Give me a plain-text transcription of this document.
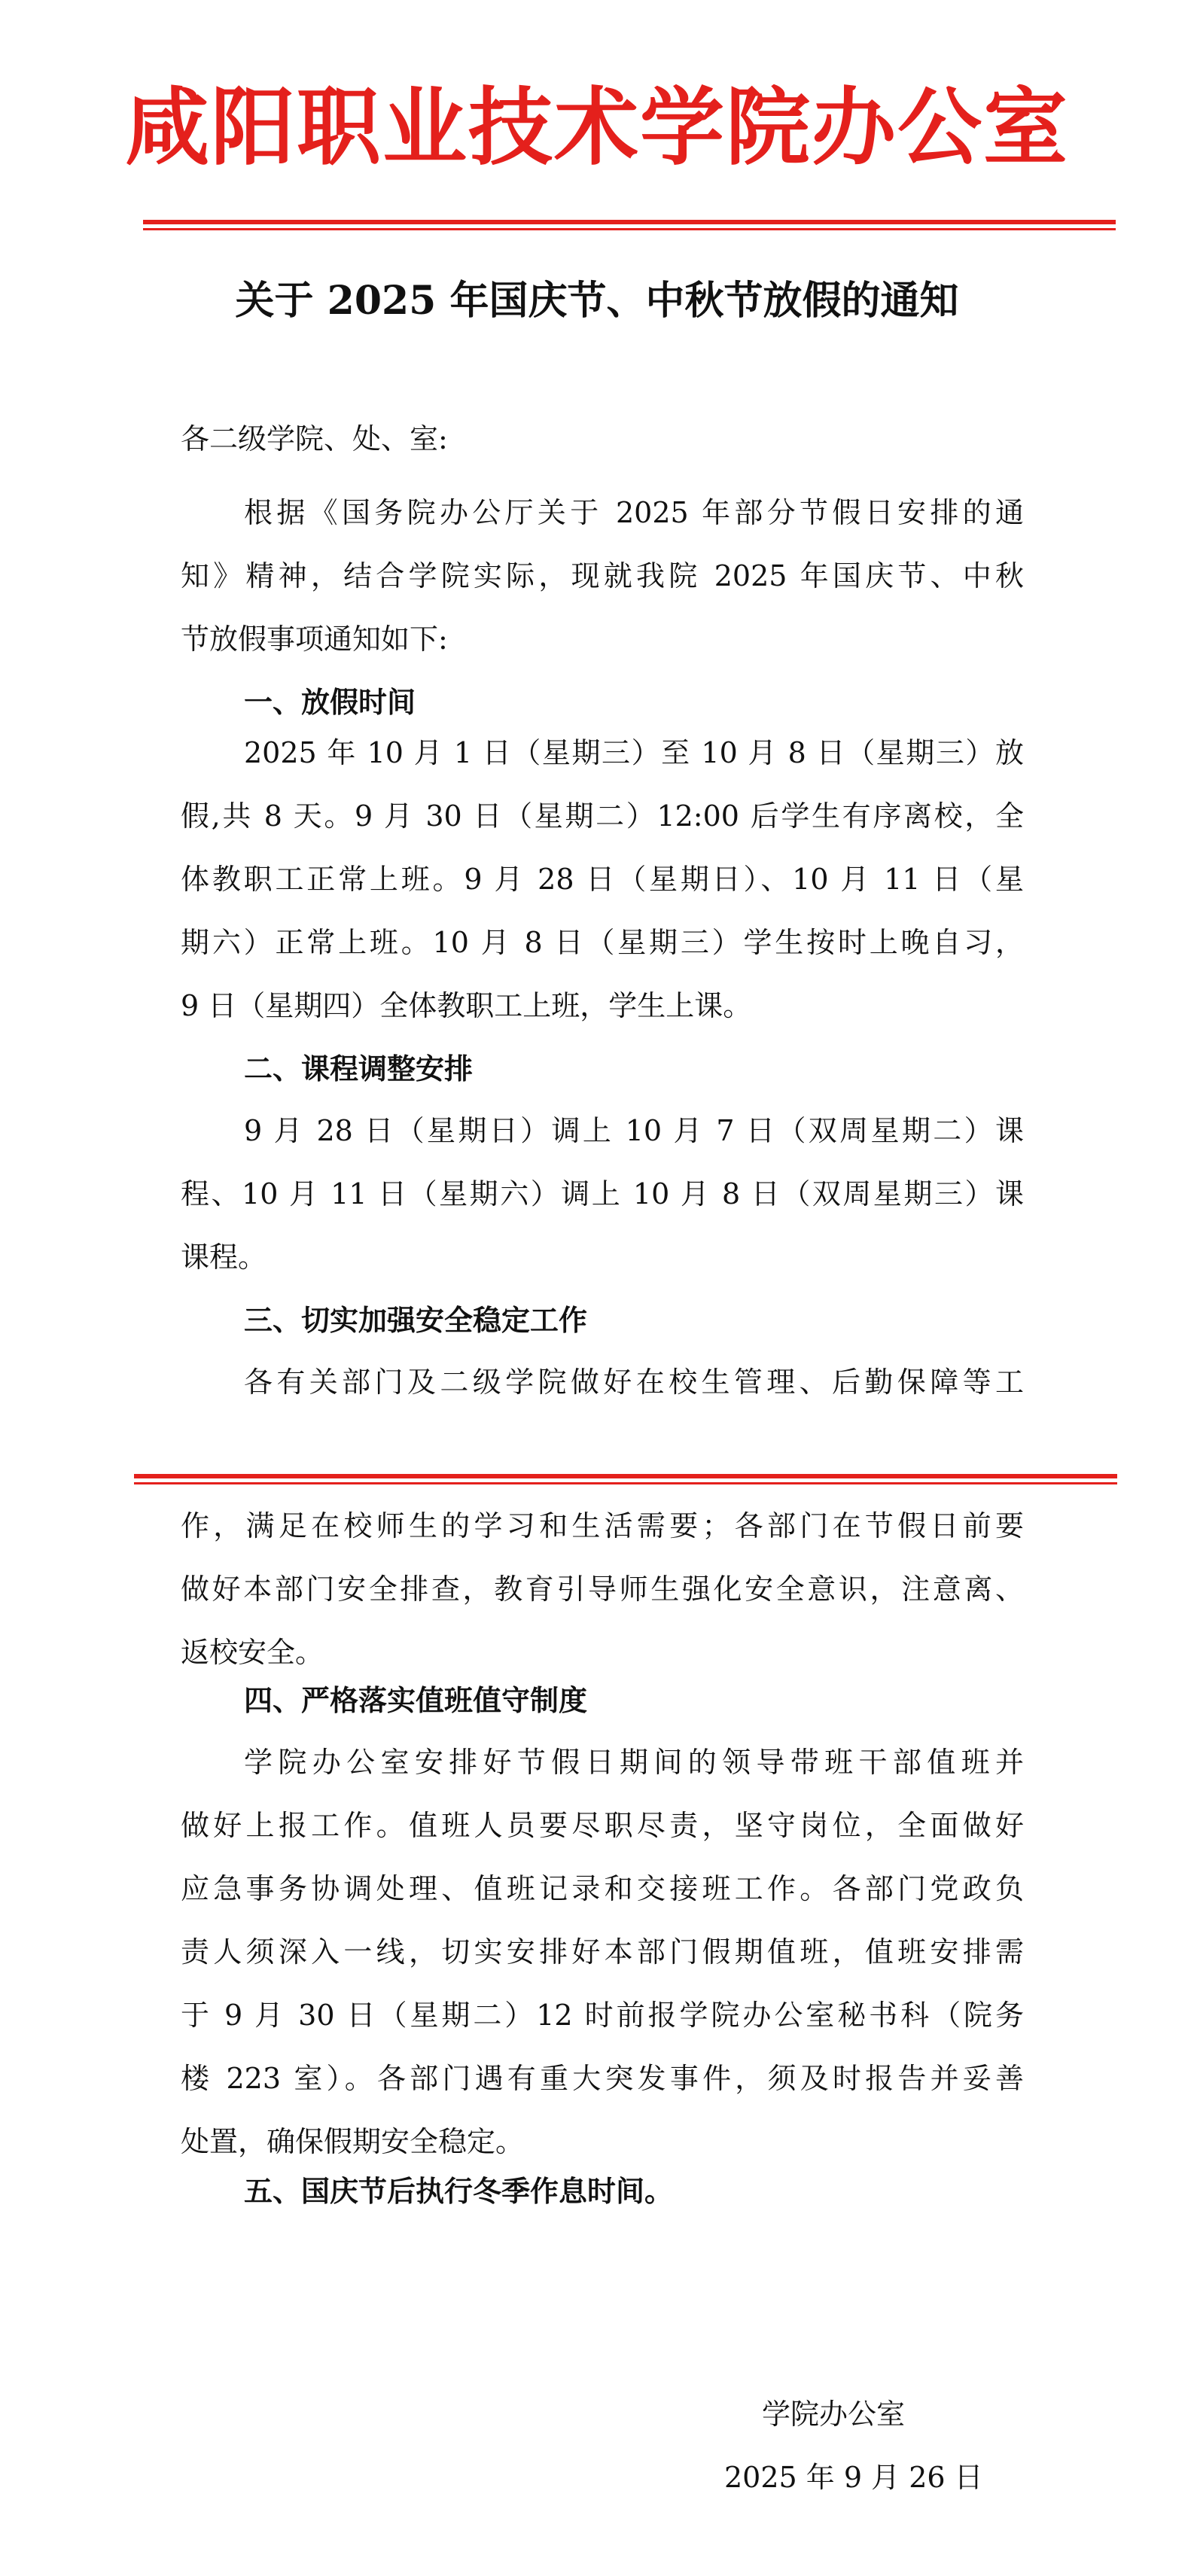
咸阳职业技术学院办公室
关于 2025 年国庆节、中秋节放假的通知
各二级学院、处、室:
根据《国务院办公厅关于 2025 年部分节假日安排的通
知》精神，结合学院实际，现就我院 2025 年国庆节、中秋
节放假事项通知如下:
一、放假时间
2025 年 10 月 1 日（星期三）至 10 月 8 日（星期三）放
假,共 8 天。9 月 30 日（星期二）12:00 后学生有序离校，全
体教职工正常上班。9 月 28 日（星期日）、10 月 11 日（星
期六）正常上班。10 月 8 日（星期三）学生按时上晚自习，
9 日（星期四）全体教职工上班，学生上课。
二、课程调整安排
9 月 28 日（星期日）调上 10 月 7 日（双周星期二）课
程、10 月 11 日（星期六）调上 10 月 8 日（双周星期三）课
课程。
三、切实加强安全稳定工作
各有关部门及二级学院做好在校生管理、后勤保障等工
作，满足在校师生的学习和生活需要；各部门在节假日前要
做好本部门安全排查，教育引导师生强化安全意识，注意离、
返校安全。
四、严格落实值班值守制度
学院办公室安排好节假日期间的领导带班干部值班并
做好上报工作。值班人员要尽职尽责，坚守岗位，全面做好
应急事务协调处理、值班记录和交接班工作。各部门党政负
责人须深入一线，切实安排好本部门假期值班，值班安排需
于 9 月 30 日（星期二）12 时前报学院办公室秘书科（院务
楼 223 室）。各部门遇有重大突发事件，须及时报告并妥善
处置，确保假期安全稳定。
五、国庆节后执行冬季作息时间。
学院办公室
2025 年 9 月 26 日
